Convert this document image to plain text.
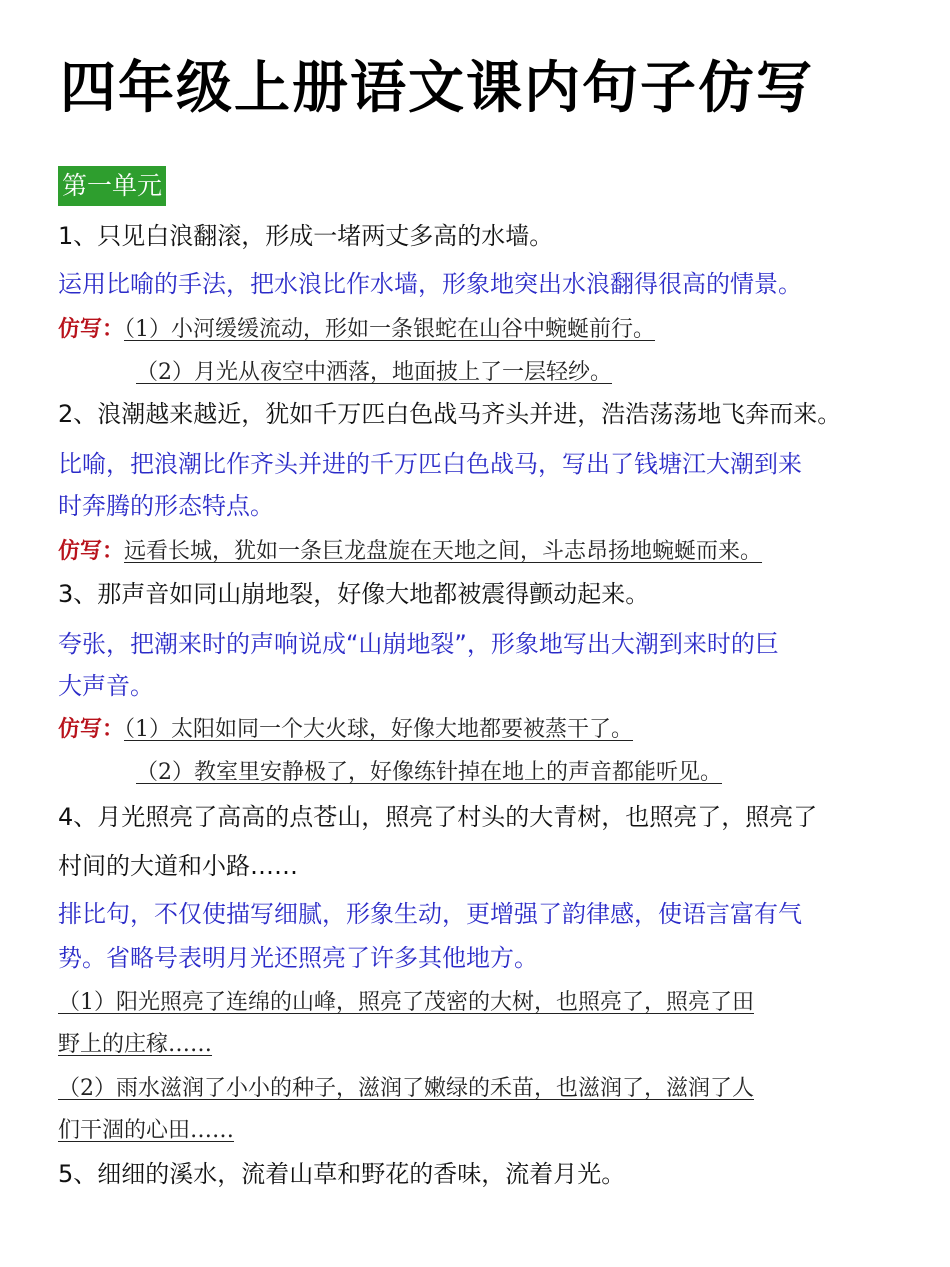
四年级上册语文课内句子仿写
第一单元
1、只见白浪翻滚，形成一堵两丈多高的水墙。
运用比喻的手法，把水浪比作水墙，形象地突出水浪翻得很高的情景。
仿写：（1）小河缓缓流动，形如一条银蛇在山谷中蜿蜒前行。
（2）月光从夜空中洒落，地面披上了一层轻纱。
2、浪潮越来越近，犹如千万匹白色战马齐头并进，浩浩荡荡地飞奔而来。
比喻，把浪潮比作齐头并进的千万匹白色战马，写出了钱塘江大潮到来
时奔腾的形态特点。
仿写：远看长城，犹如一条巨龙盘旋在天地之间，斗志昂扬地蜿蜒而来。
3、那声音如同山崩地裂，好像大地都被震得颤动起来。
夸张，把潮来时的声响说成“山崩地裂”，形象地写出大潮到来时的巨
大声音。
仿写：（1）太阳如同一个大火球，好像大地都要被蒸干了。
（2）教室里安静极了，好像练针掉在地上的声音都能听见。
4、月光照亮了高高的点苍山，照亮了村头的大青树，也照亮了，照亮了
村间的大道和小路……
排比句，不仅使描写细腻，形象生动，更增强了韵律感，使语言富有气
势。省略号表明月光还照亮了许多其他地方。
（1）阳光照亮了连绵的山峰，照亮了茂密的大树，也照亮了，照亮了田
野上的庄稼……
（2）雨水滋润了小小的种子，滋润了嫩绿的禾苗，也滋润了，滋润了人
们干涸的心田……
5、细细的溪水，流着山草和野花的香味，流着月光。
